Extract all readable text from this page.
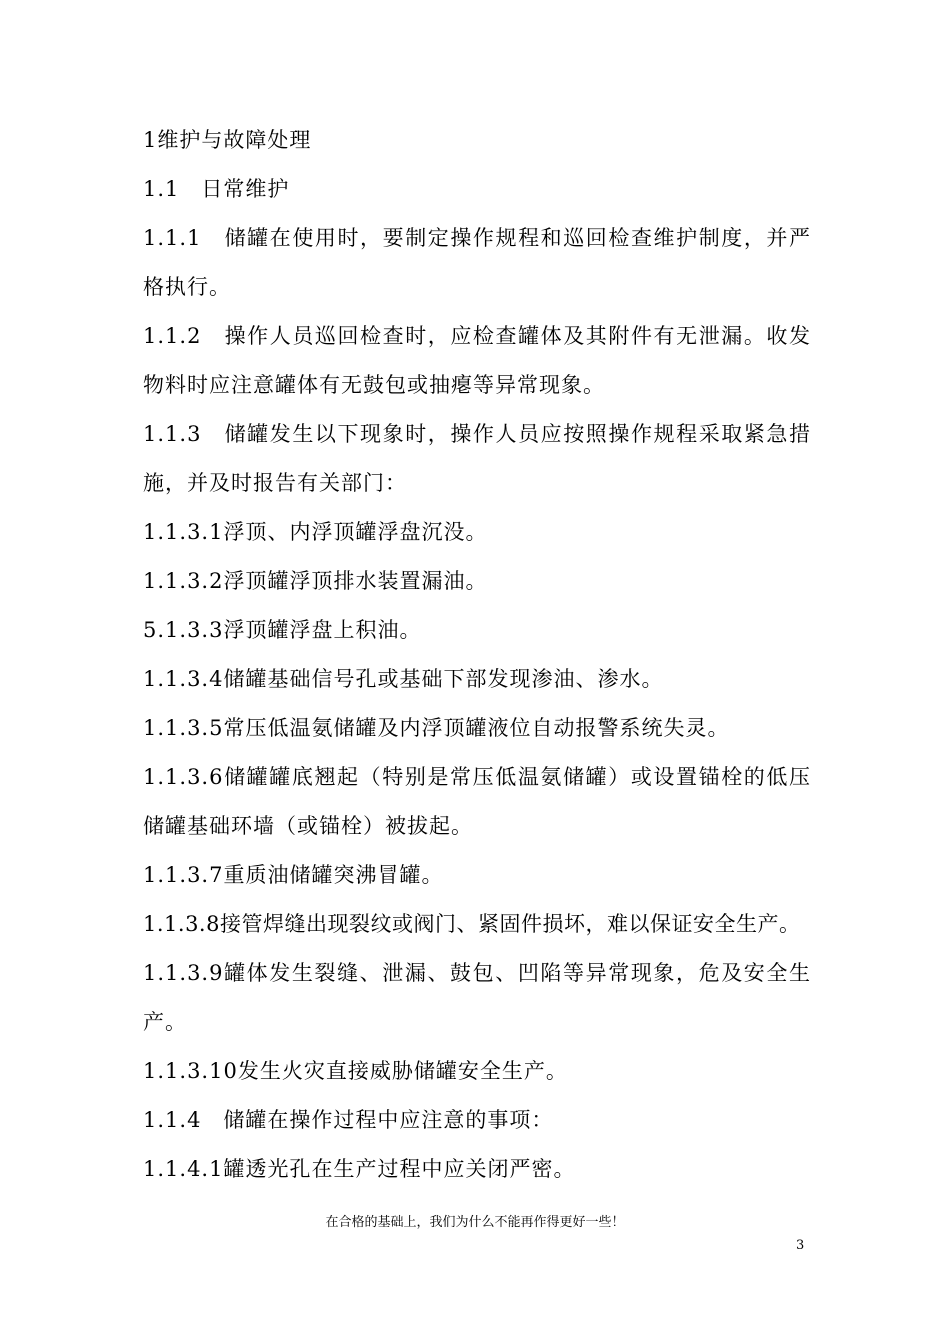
1维护与故障处理
1.1　日常维护
1.1.1　储罐在使用时，要制定操作规程和巡回检查维护制度，并严
格执行。
1.1.2　操作人员巡回检查时，应检查罐体及其附件有无泄漏。收发
物料时应注意罐体有无鼓包或抽瘪等异常现象。
1.1.3　储罐发生以下现象时，操作人员应按照操作规程采取紧急措
施，并及时报告有关部门：
1.1.3.1浮顶、内浮顶罐浮盘沉没。
1.1.3.2浮顶罐浮顶排水装置漏油。
5.1.3.3浮顶罐浮盘上积油。
1.1.3.4储罐基础信号孔或基础下部发现渗油、渗水。
1.1.3.5常压低温氨储罐及内浮顶罐液位自动报警系统失灵。
1.1.3.6储罐罐底翘起（特别是常压低温氨储罐）或设置锚栓的低压
储罐基础环墙（或锚栓）被拔起。
1.1.3.7重质油储罐突沸冒罐。
1.1.3.8接管焊缝出现裂纹或阀门、紧固件损坏，难以保证安全生产。
1.1.3.9罐体发生裂缝、泄漏、鼓包、凹陷等异常现象，危及安全生
产。
1.1.3.10发生火灾直接威胁储罐安全生产。
1.1.4　储罐在操作过程中应注意的事项：
1.1.4.1罐透光孔在生产过程中应关闭严密。
在合格的基础上，我们为什么不能再作得更好一些！
3
